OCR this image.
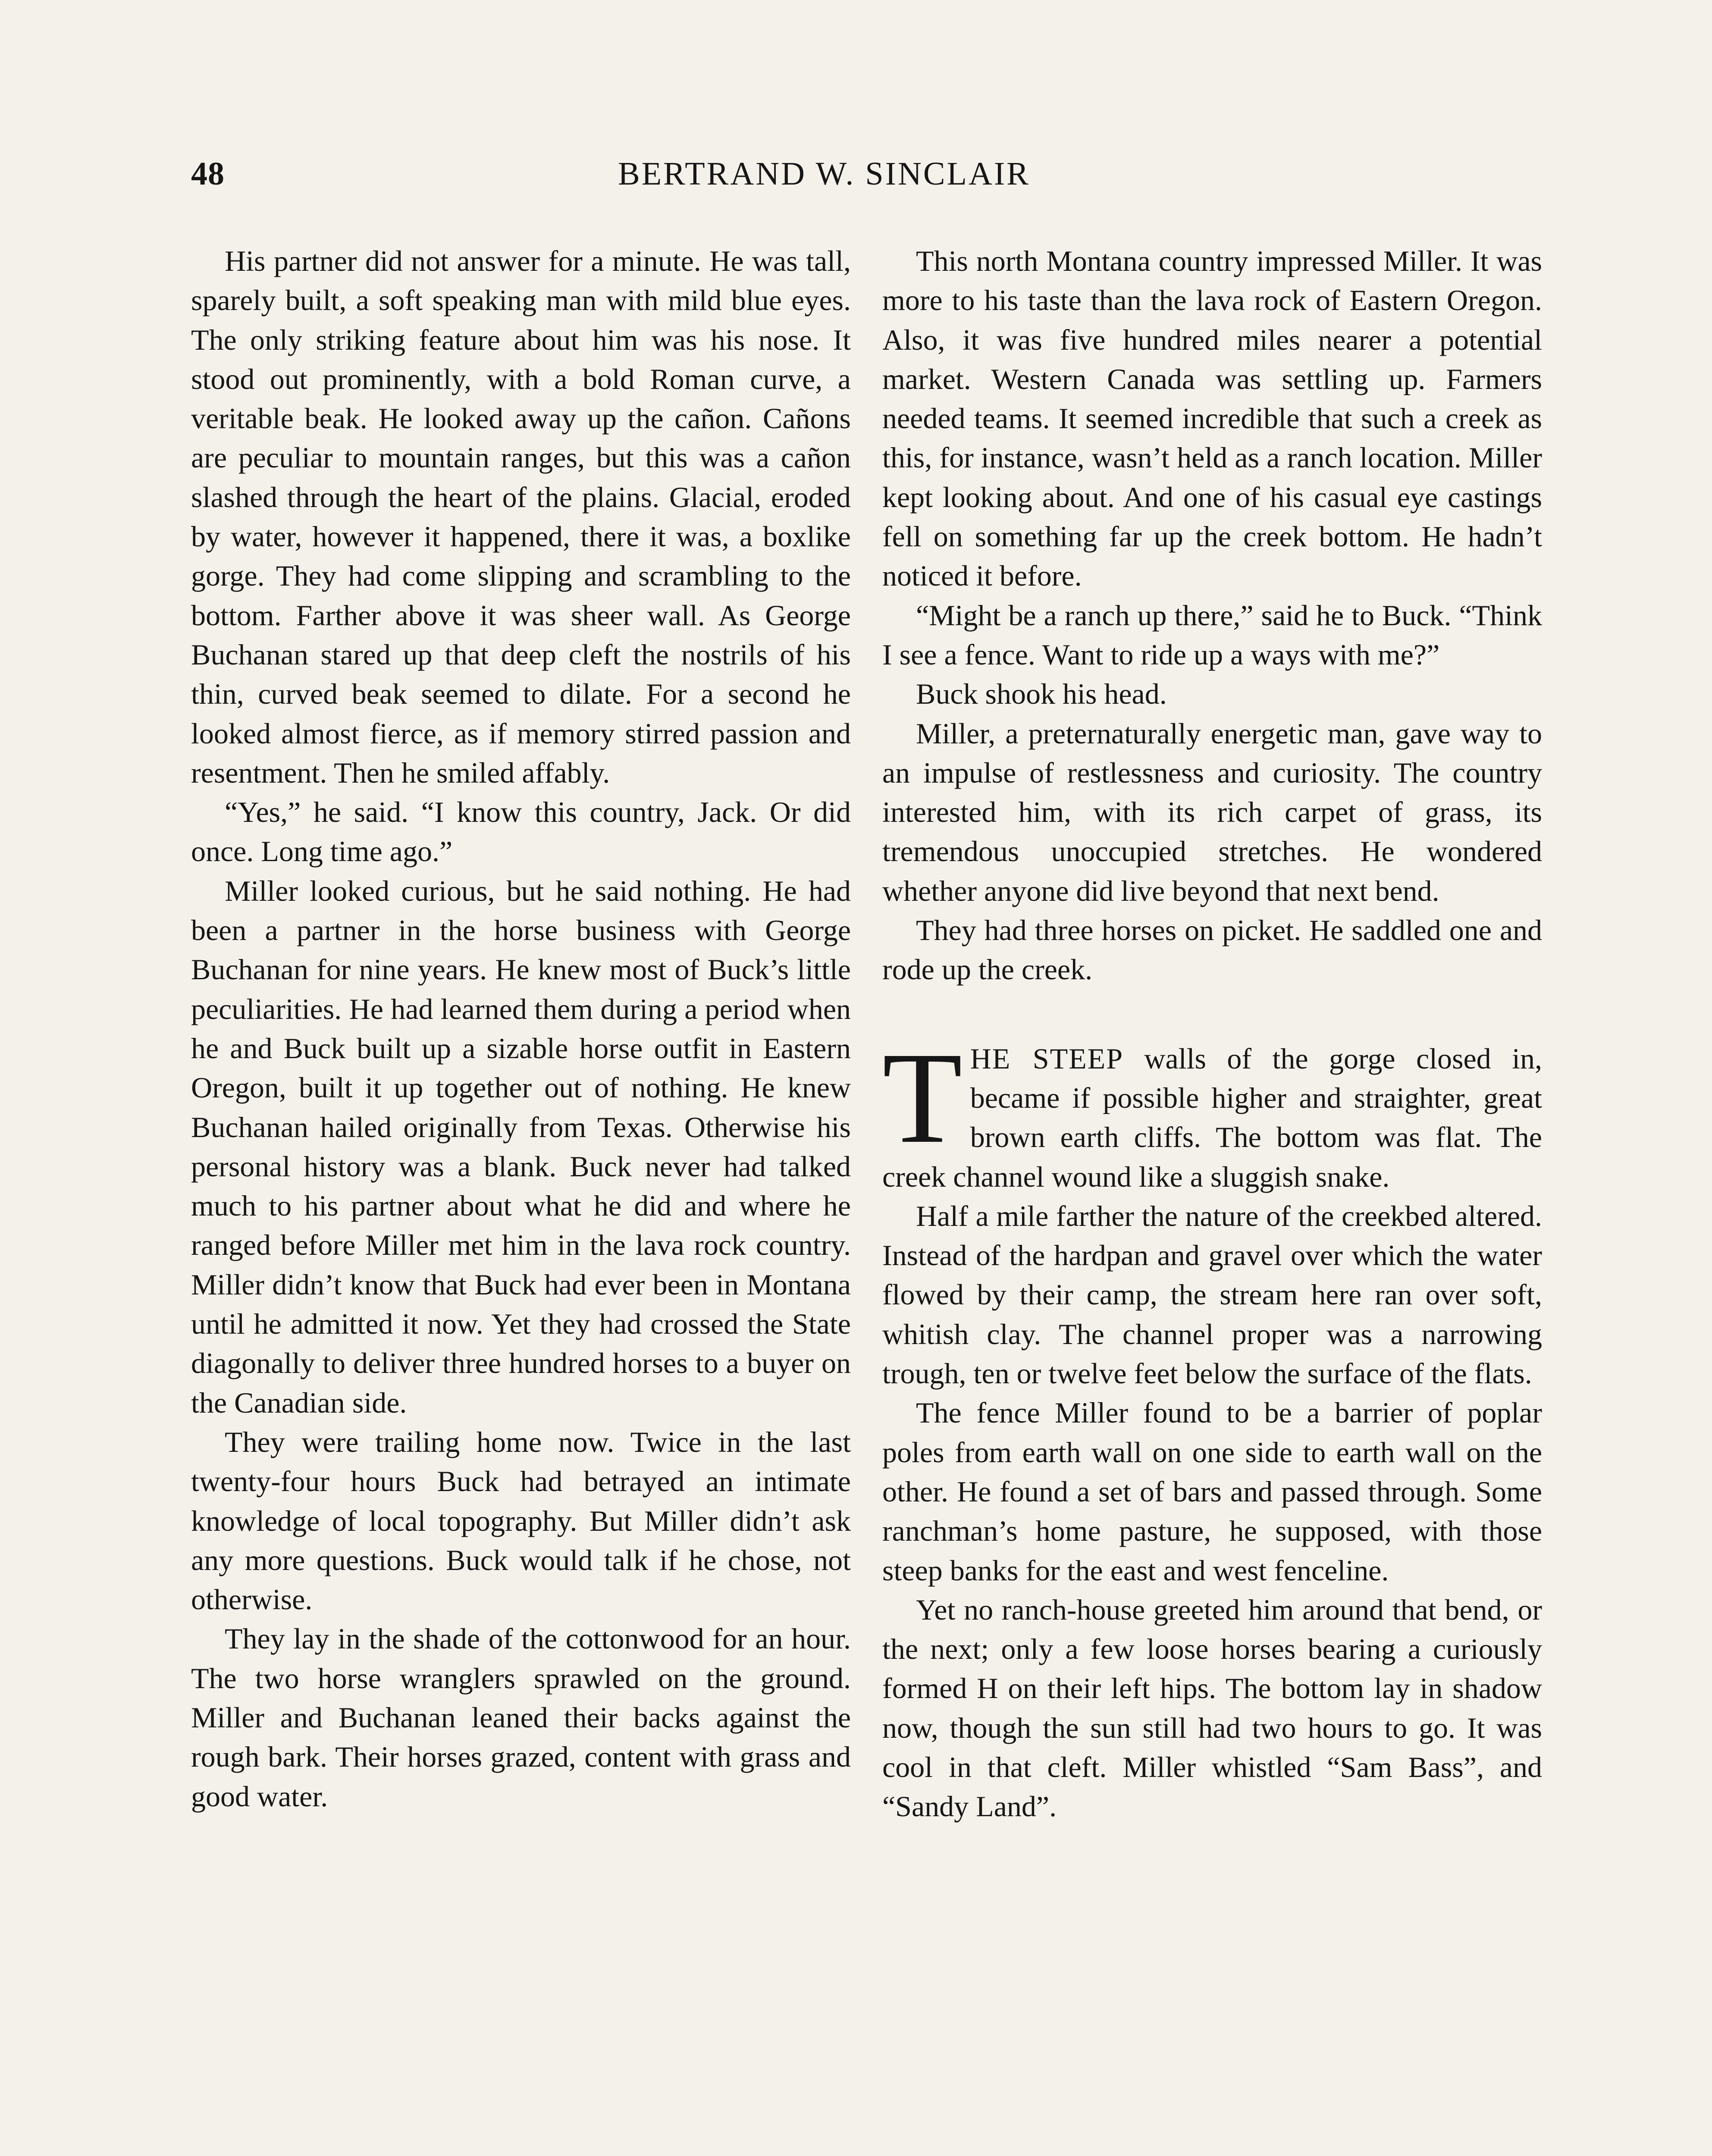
48	BERTRAND W. SINCLAIR

His partner did not answer for a minute. He was tall, sparely built, a soft speaking man with mild blue eyes. The only striking feature about him was his nose. It stood out prominently, with a bold Roman curve, a veritable beak. He looked away up the cañon. Cañons are peculiar to mountain ranges, but this was a cañon slashed through the heart of the plains. Glacial, eroded by water, however it happened, there it was, a boxlike gorge. They had come slipping and scrambling to the bottom. Farther above it was sheer wall. As George Buchanan stared up that deep cleft the nostrils of his thin, curved beak seemed to dilate. For a second he looked almost fierce, as if memory stirred passion and resentment. Then he smiled affably.

“Yes,” he said. “I know this country, Jack. Or did once. Long time ago.”

Miller looked curious, but he said nothing. He had been a partner in the horse business with George Buchanan for nine years. He knew most of Buck’s little peculiarities. He had learned them during a period when he and Buck built up a sizable horse outfit in Eastern Oregon, built it up together out of nothing. He knew Buchanan hailed originally from Texas. Otherwise his personal history was a blank. Buck never had talked much to his partner about what he did and where he ranged before Miller met him in the lava rock country. Miller didn’t know that Buck had ever been in Montana until he admitted it now. Yet they had crossed the State diagonally to deliver three hundred horses to a buyer on the Canadian side.

They were trailing home now. Twice in the last twenty-four hours Buck had betrayed an intimate knowledge of local topography. But Miller didn’t ask any more questions. Buck would talk if he chose, not otherwise.

They lay in the shade of the cottonwood for an hour. The two horse wranglers sprawled on the ground. Miller and Buchanan leaned their backs against the rough bark. Their horses grazed, content with grass and good water.

This north Montana country impressed Miller. It was more to his taste than the lava rock of Eastern Oregon. Also, it was five hundred miles nearer a potential market. Western Canada was settling up. Farmers needed teams. It seemed incredible that such a creek as this, for instance, wasn’t held as a ranch location. Miller kept looking about. And one of his casual eye castings fell on something far up the creek bottom. He hadn’t noticed it before.

“Might be a ranch up there,” said he to Buck. “Think I see a fence. Want to ride up a ways with me?”

Buck shook his head.

Miller, a preternaturally energetic man, gave way to an impulse of restlessness and curiosity. The country interested him, with its rich carpet of grass, its tremendous unoccupied stretches. He wondered whether anyone did live beyond that next bend.

They had three horses on picket. He saddled one and rode up the creek.

T HE STEEP walls of the gorge closed in, became if possible higher and straighter, great brown earth cliffs. The bottom was flat. The creek channel wound like a sluggish snake.

Half a mile farther the nature of the creekbed altered. Instead of the hardpan and gravel over which the water flowed by their camp, the stream here ran over soft, whitish clay. The channel proper was a narrowing trough, ten or twelve feet below the surface of the flats.

The fence Miller found to be a barrier of poplar poles from earth wall on one side to earth wall on the other. He found a set of bars and passed through. Some ranchman’s home pasture, he supposed, with those steep banks for the east and west fenceline.

Yet no ranch-house greeted him around that bend, or the next; only a few loose horses bearing a curiously formed H on their left hips. The bottom lay in shadow now, though the sun still had two hours to go. It was cool in that cleft. Miller whistled “Sam Bass”, and “Sandy Land”.
